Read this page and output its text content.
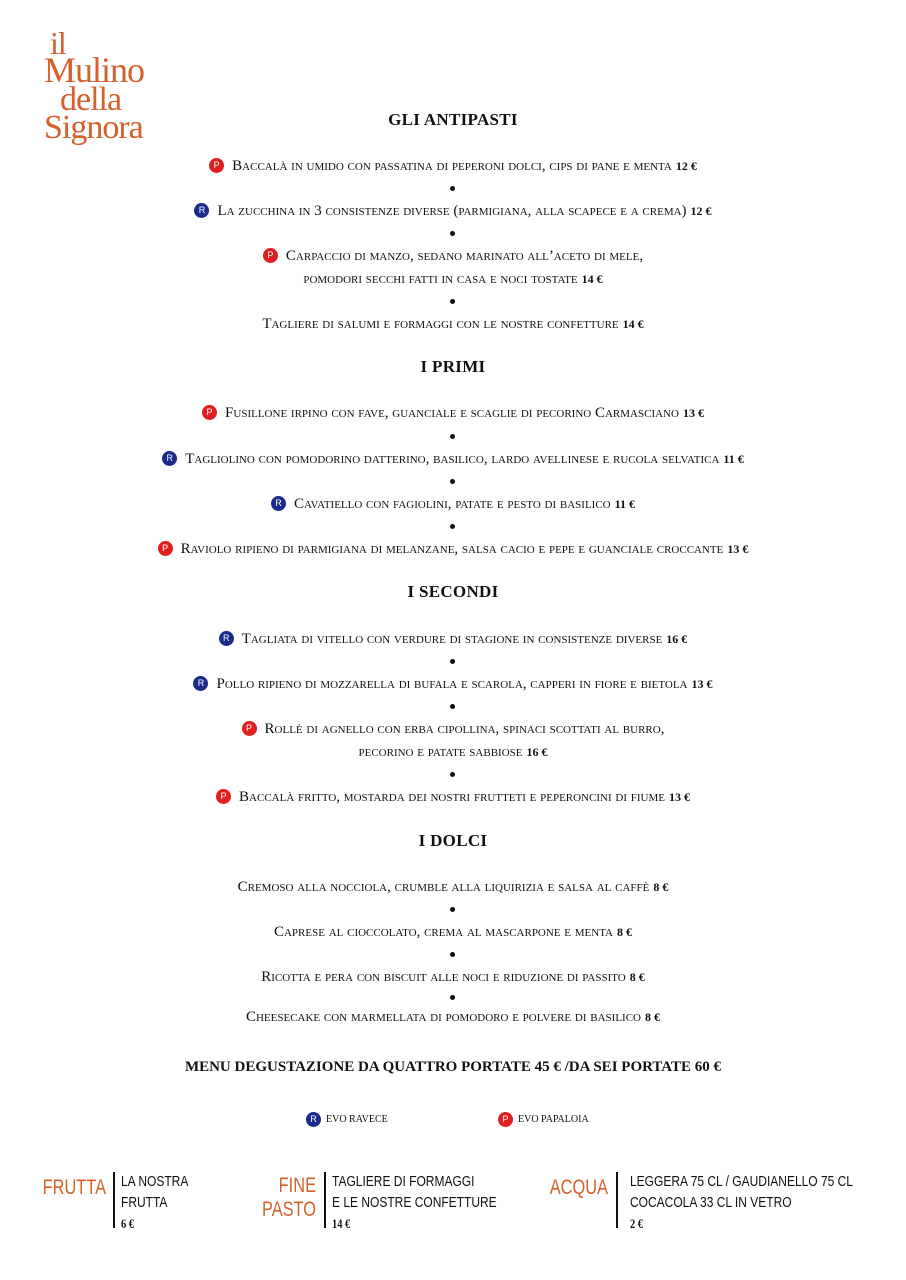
il
Mulino
della
Signora	GLI ANTIPASTI
P Baccalà in umido con passatina di peperoni dolci, cips di pane e menta 12 €
R La zucchina in 3 consistenze diverse (parmigiana, alla scapece e a crema) 12 €
P Carpaccio di manzo, sedano marinato all’aceto di mele,
pomodori secchi fatti in casa e noci tostate 14 €
Tagliere di salumi e formaggi con le nostre confetture 14 €
I PRIMI
P Fusillone irpino con fave, guanciale e scaglie di pecorino Carmasciano 13 €
R Tagliolino con pomodorino datterino, basilico, lardo avellinese e rucola selvatica 11 €
R Cavatiello con fagiolini, patate e pesto di basilico 11 €
P Raviolo ripieno di parmigiana di melanzane, salsa cacio e pepe e guanciale croccante 13 €
I SECONDI
R Tagliata di vitello con verdure di stagione in consistenze diverse 16 €
R Pollo ripieno di mozzarella di bufala e scarola, capperi in fiore e bietola 13 €
P Rollè di agnello con erba cipollina, spinaci scottati al burro,
pecorino e patate sabbiose 16 €
P Baccalà fritto, mostarda dei nostri frutteti e peperoncini di fiume 13 €
I DOLCI
Cremoso alla nocciola, crumble alla liquirizia e salsa al caffè 8 €
Caprese al cioccolato, crema al mascarpone e menta 8 €
Ricotta e pera con biscuit alle noci e riduzione di passito 8 €
Cheesecake con marmellata di pomodoro e polvere di basilico 8 €
MENU DEGUSTAZIONE DA QUATTRO PORTATE 45 € /DA SEI PORTATE 60 €
R EVO RAVECE	P EVO PAPALOIA
FRUTTA LA NOSTRA
FRUTTA
6 €
FINE
PASTO
TAGLIERE DI FORMAGGI
E LE NOSTRE CONFETTURE
14 €
ACQUA LEGGERA 75 CL / GAUDIANELLO 75 CL
COCACOLA 33 CL IN VETRO
2 €
